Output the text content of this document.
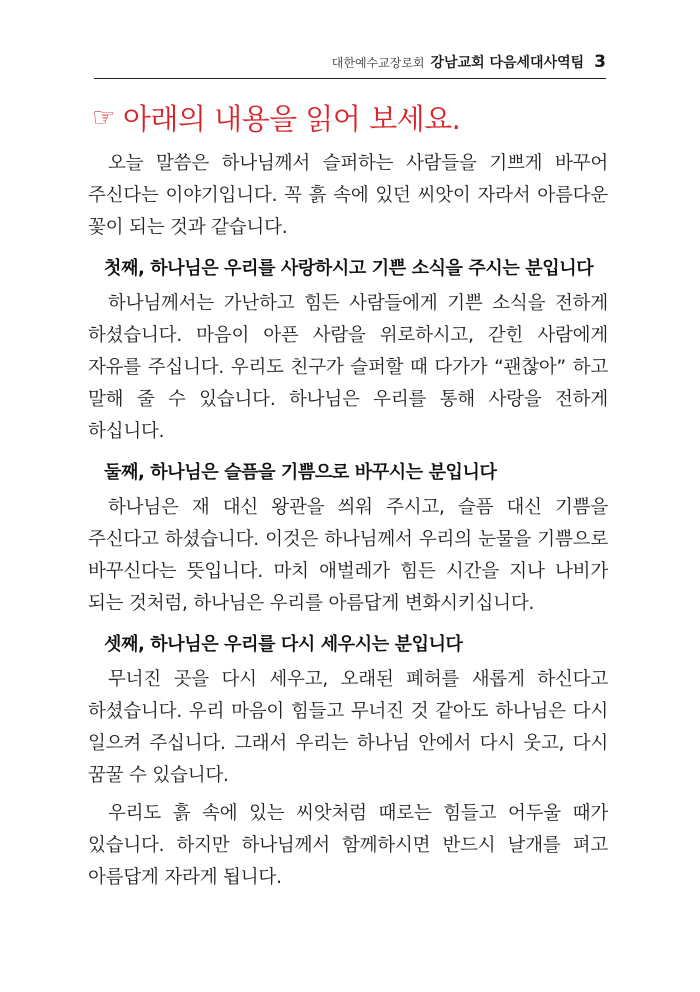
대한예수교장로회 강남교회 다음세대사역팀 3
☞ 아래의 내용을 읽어 보세요.

오늘 말씀은 하나님께서 슬퍼하는 사람들을 기쁘게 바꾸어 주신다는 이야기입니다. 꼭 흙 속에 있던 씨앗이 자라서 아름다운 꽃이 되는 것과 같습니다.

첫째, 하나님은 우리를 사랑하시고 기쁜 소식을 주시는 분입니다

하나님께서는 가난하고 힘든 사람들에게 기쁜 소식을 전하게 하셨습니다. 마음이 아픈 사람을 위로하시고, 갇힌 사람에게 자유를 주십니다. 우리도 친구가 슬퍼할 때 다가가 “괜찮아” 하고 말해 줄 수 있습니다. 하나님은 우리를 통해 사랑을 전하게 하십니다.

둘째, 하나님은 슬픔을 기쁨으로 바꾸시는 분입니다

하나님은 재 대신 왕관을 씌워 주시고, 슬픔 대신 기쁨을 주신다고 하셨습니다. 이것은 하나님께서 우리의 눈물을 기쁨으로 바꾸신다는 뜻입니다. 마치 애벌레가 힘든 시간을 지나 나비가 되는 것처럼, 하나님은 우리를 아름답게 변화시키십니다.

셋째, 하나님은 우리를 다시 세우시는 분입니다

무너진 곳을 다시 세우고, 오래된 폐허를 새롭게 하신다고 하셨습니다. 우리 마음이 힘들고 무너진 것 같아도 하나님은 다시 일으켜 주십니다. 그래서 우리는 하나님 안에서 다시 웃고, 다시 꿈꿀 수 있습니다.

우리도 흙 속에 있는 씨앗처럼 때로는 힘들고 어두울 때가 있습니다. 하지만 하나님께서 함께하시면 반드시 날개를 펴고 아름답게 자라게 됩니다.
